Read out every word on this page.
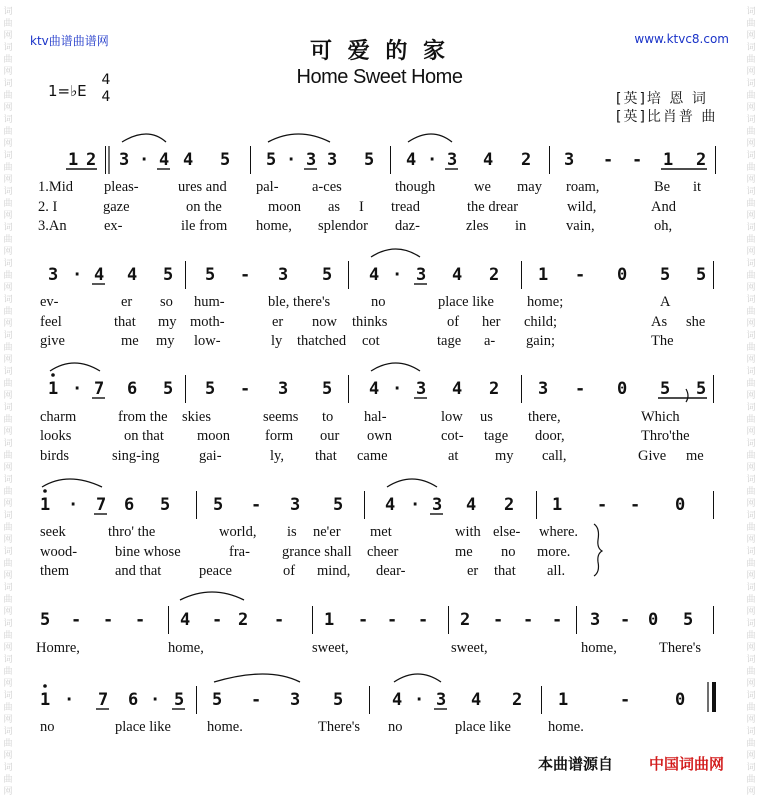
词
曲
网
词
曲
网
词
曲
网
词
曲
网
词
曲
网
词
曲
网
词
曲
网
词
曲
网
词
曲
网
词
曲
网
词
曲
网
词
曲
网
词
曲
网
词
曲
网
词
曲
网
词
曲
网
词
曲
网
词
曲
网
词
曲
网
词
曲
网
词
曲
网
词
曲
网
词
曲
网
词
曲
网
词
曲
网
词
曲
网
词
曲
网
词
曲
网
词
曲
网
词
曲
网
词
曲
网
词
曲
网
词
曲
网
词
曲
网
词
曲
网
词
曲
网
词
曲
网
词
曲
网
词
曲
网
词
曲
网
词
曲
网
词
曲
网
词
曲
网
词
曲
网
ktv曲谱曲谱网	www.ktvc8.com
可 爱 的 家
Home Sweet Home
1=♭E
4
4	[英]培 恩 词
[英]比肖普 曲
1 2 3 · 4 4 5 5 · 3 3 5 4 · 3 4 2 3 - - 1 2
1.Mid pleas-	ures and pal- a-ces	though	we may roam,	Be it
2. I	gaze	on the	moon as I tread	the drear	wild,	And
3.An	ex-	ile from home, splendor daz-	zles in	vain,	oh,
3 · 4 4 5 5 - 3 5 4 · 3 4 2 1 - 0 5 5
ev-	er so hum-	ble, there's	no	place like home;	A
feel	that my moth-	er now thinks	of her child;	As she
give	me my low-	ly thatched cot	tage a- gain;	The
1 · 7 6 5 5 - 3 5 4 · 3 4 2 3 - 0 5 5
charm	from the skies	seems to hal-	low us there,	Which
looks	on that moon form our own	cot- tage door,	Thro'the
birds	sing-ing	gai-	ly, that came	at	my call,	Give me
1 · 7 6 5	5 - 3 5 4 · 3 4 2 1 - - 0
seek	thro' the	world, is ne'er met	with else- where.
wood-	bine whose	fra- grance shall cheer	me no more.
them	and that	peace	of mind, dear-	er that all.
5 - - - 4 - 2 - 1 - - - 2 - - - 3 - 0 5
Homre,	home,	sweet,	sweet,	home,	There's
1 · 7 6 · 5 5 - 3 5	4 · 3 4 2 1	-	0
no	place like home.	There's no	place like	home.
本曲谱源自 中国词曲网
